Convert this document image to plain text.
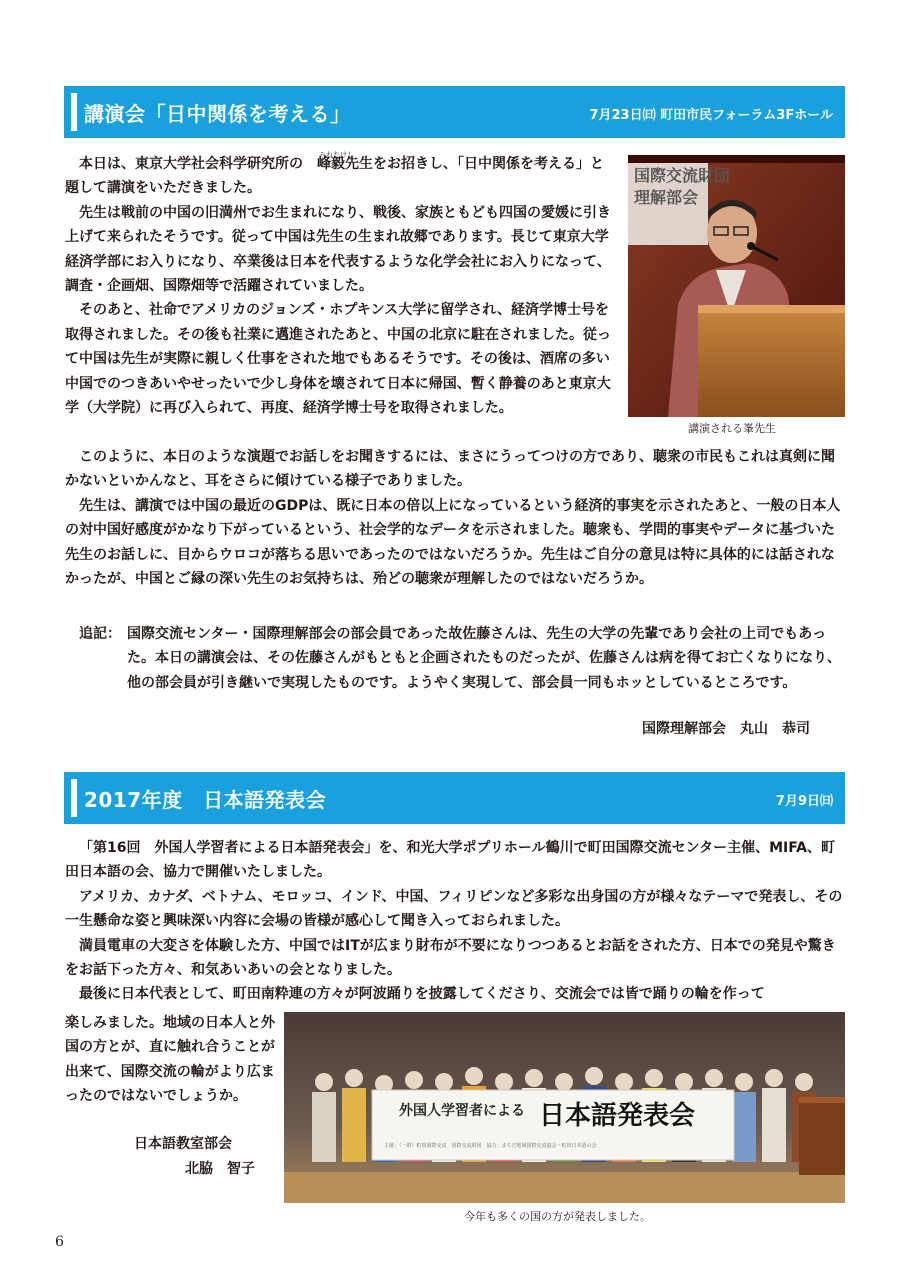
講演会「日中関係を考える」	7月23日㈰ 町田市民フォーラム3Fホール

本日は、東京大学社会科学研究所の
みねたけし
峰毅先生をお招きし、「日中関係を考える」と題して講演をいただきました。

先生は戦前の中国の旧満州でお生まれになり、戦後、家族ともども四国の愛媛に引き上げて来られたそうです。従って中国は先生の生まれ故郷であります。長じて東京大学経済学部にお入りになり、卒業後は日本を代表するような化学会社にお入りになって、調査・企画畑、国際畑等で活躍されていました。

そのあと、社命でアメリカのジョンズ・ホプキンス大学に留学され、経済学博士号を取得されました。その後も社業に邁進されたあと、中国の北京に駐在されました。従って中国は先生が実際に親しく仕事をされた地でもあるそうです。その後は、酒席の多い中国でのつきあいやせったいで少し身体を壊されて日本に帰国、暫く静養のあと東京大学（大学院）に再び入られて、再度、経済学博士号を取得されました。

国際交流財団
理解部会
講演される峯先生

このように、本日のような演題でお話しをお聞きするには、まさにうってつけの方であり、聴衆の市民もこれは真剣に聞かないといかんなと、耳をさらに傾けている様子でありました。

先生は、講演では中国の最近のGDPは、既に日本の倍以上になっているという経済的事実を示されたあと、一般の日本人の対中国好感度がかなり下がっているという、社会学的なデータを示されました。聴衆も、学問的事実やデータに基づいた先生のお話しに、目からウロコが落ちる思いであったのではないだろうか。先生はご自分の意見は特に具体的には話されなかったが、中国とご縁の深い先生のお気持ちは、殆どの聴衆が理解したのではないだろうか。

追記： 国際交流センター・国際理解部会の部会員であった故佐藤さんは、先生の大学の先輩であり会社の上司でもあった。本日の講演会は、その佐藤さんがもともと企画されたものだったが、佐藤さんは病を得てお亡くなりになり、他の部会員が引き継いで実現したものです。ようやく実現して、部会員一同もホッとしているところです。
国際理解部会　丸山　恭司
2017年度　日本語発表会	7月9日㈰

「第16回　外国人学習者による日本語発表会」を、和光大学ポプリホール鶴川で町田国際交流センター主催、MIFA、町田日本語の会、協力で開催いたしました。

アメリカ、カナダ、ベトナム、モロッコ、インド、中国、フィリピンなど多彩な出身国の方が様々なテーマで発表し、その一生懸命な姿と興味深い内容に会場の皆様が感心して聞き入っておられました。

満員電車の大変さを体験した方、中国ではITが広まり財布が不要になりつつあるとお話をされた方、日本での発見や驚きをお話下った方々、和気あいあいの会となりました。

最後に日本代表として、町田南粋連の方々が阿波踊りを披露してくださり、交流会では皆で踊りの輪を作って

楽しみました。地域の日本人と外国の方とが、直に触れ合うことが出来て、国際交流の輪がより広まったのではないでしょうか。
日本語教室部会
北脇　智子
外国人学習者による 日本語発表会
主催：（一財）町田国際交流　国際交流財団　協力：まちだ地域国際交流協会・町田日本語の会
今年も多くの国の方が発表しました。
6
